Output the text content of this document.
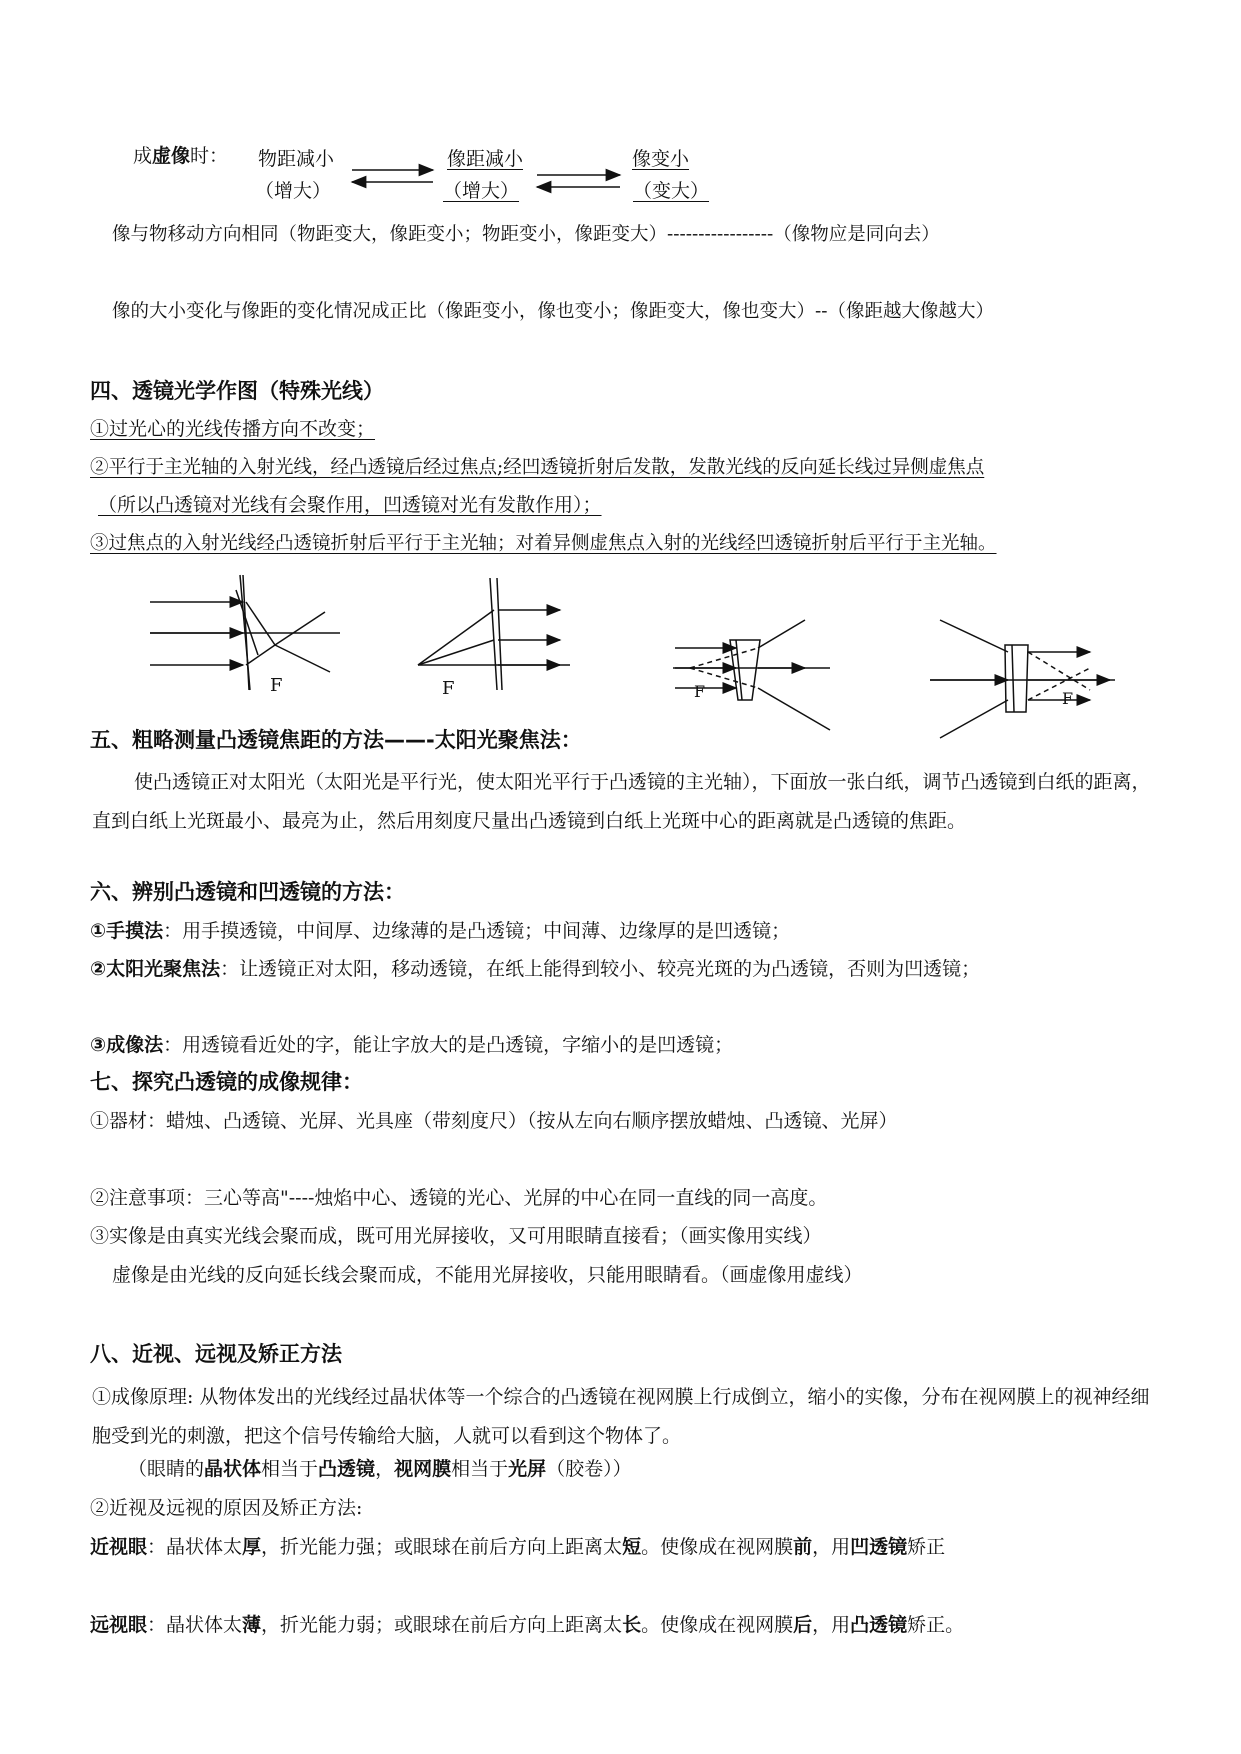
成虚像时： 物距减小
（增大）
像距减小
（增大）
像变小
（变大）
像与物移动方向相同（物距变大，像距变小；物距变小，像距变大）-----------------（像物应是同向去）
像的大小变化与像距的变化情况成正比（像距变小，像也变小；像距变大，像也变大）--（像距越大像越大）
四、透镜光学作图（特殊光线）
①过光心的光线传播方向不改变；
②平行于主光轴的入射光线，经凸透镜后经过焦点;经凹透镜折射后发散，发散光线的反向延长线过异侧虚焦点
（所以凸透镜对光线有会聚作用，凹透镜对光有发散作用）；
③过焦点的入射光线经凸透镜折射后平行于主光轴；对着异侧虚焦点入射的光线经凹透镜折射后平行于主光轴。
F	F	F	F
五、粗略测量凸透镜焦距的方法——-太阳光聚焦法：
使凸透镜正对太阳光（太阳光是平行光，使太阳光平行于凸透镜的主光轴），下面放一张白纸，调节凸透镜到白纸的距离，直到白纸上光斑最小、最亮为止，然后用刻度尺量出凸透镜到白纸上光斑中心的距离就是凸透镜的焦距。
六、辨别凸透镜和凹透镜的方法：
①手摸法：用手摸透镜，中间厚、边缘薄的是凸透镜；中间薄、边缘厚的是凹透镜；
②太阳光聚焦法：让透镜正对太阳，移动透镜，在纸上能得到较小、较亮光斑的为凸透镜，否则为凹透镜；
③成像法：用透镜看近处的字，能让字放大的是凸透镜，字缩小的是凹透镜；
七、探究凸透镜的成像规律：
①器材：蜡烛、凸透镜、光屏、光具座（带刻度尺）（按从左向右顺序摆放蜡烛、凸透镜、光屏）
②注意事项：三心等高"----烛焰中心、透镜的光心、光屏的中心在同一直线的同一高度。
③实像是由真实光线会聚而成，既可用光屏接收，又可用眼睛直接看；（画实像用实线）
虚像是由光线的反向延长线会聚而成，不能用光屏接收，只能用眼睛看。（画虚像用虚线）
八、近视、远视及矫正方法
①成像原理: 从物体发出的光线经过晶状体等一个综合的凸透镜在视网膜上行成倒立，缩小的实像，分布在视网膜上的视神经细胞受到光的刺激，把这个信号传输给大脑，人就可以看到这个物体了。
（眼睛的晶状体相当于凸透镜，视网膜相当于光屏（胶卷））
②近视及远视的原因及矫正方法:
近视眼：晶状体太厚，折光能力强；或眼球在前后方向上距离太短。使像成在视网膜前，用凹透镜矫正
远视眼：晶状体太薄，折光能力弱；或眼球在前后方向上距离太长。使像成在视网膜后，用凸透镜矫正。
